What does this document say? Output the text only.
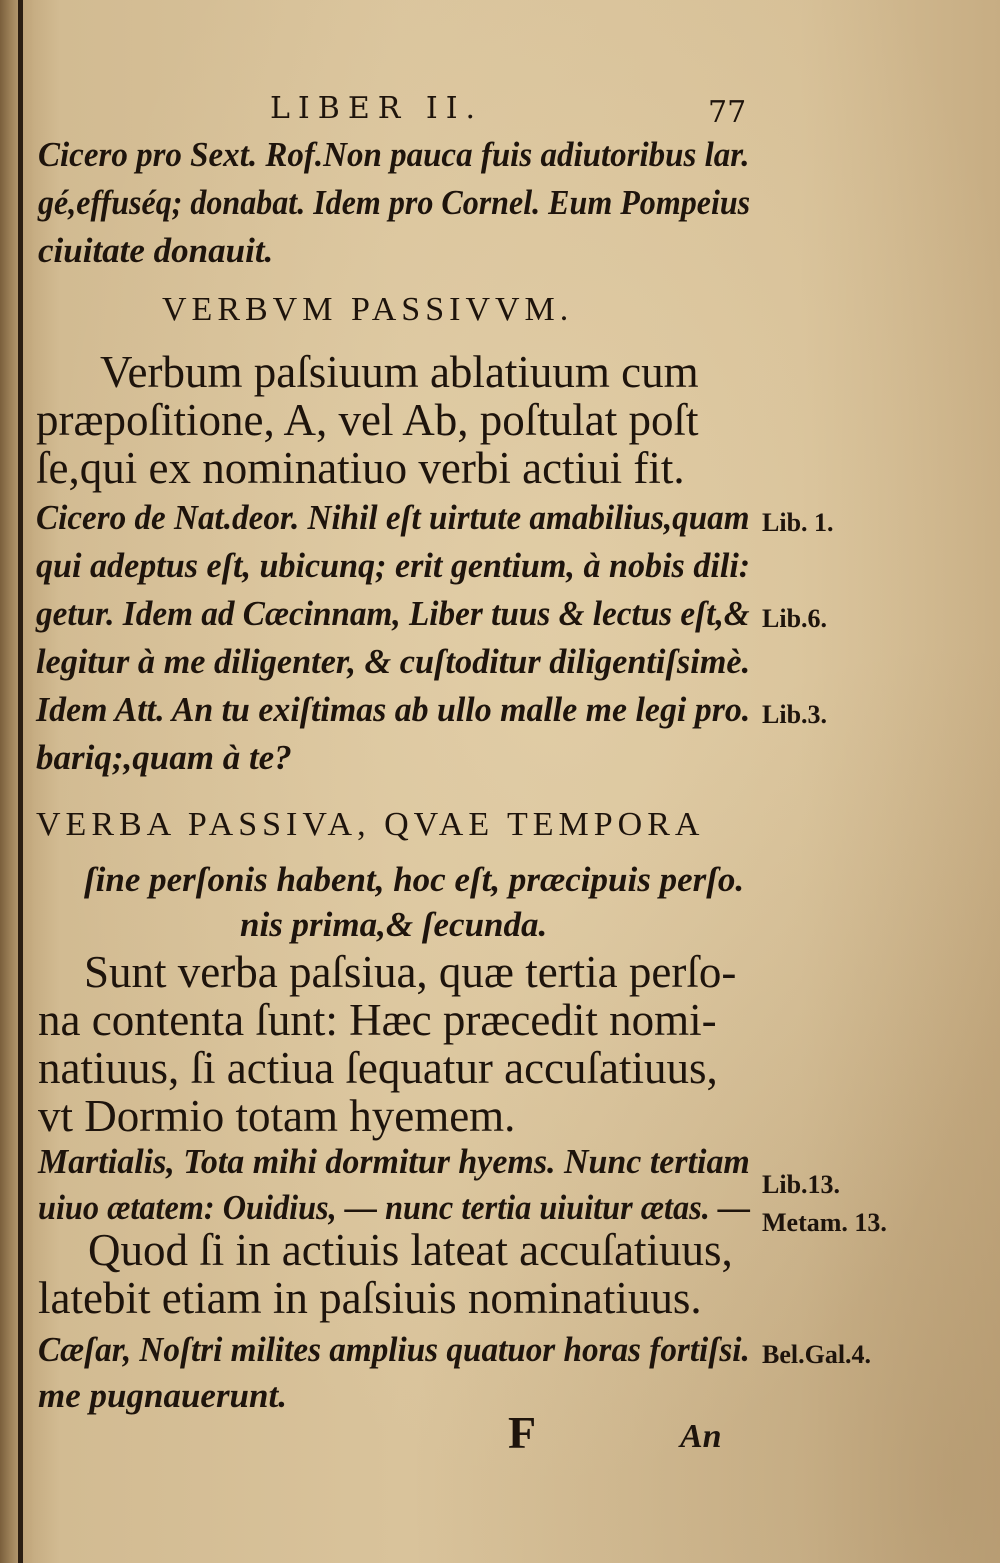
LIBER II.	77
Cicero pro Sext. Rof.Non pauca fuis adiutoribus lar.
gé,effuséq; donabat. Idem pro Cornel. Eum Pompeius
ciuitate donauit.
VERBVM PASSIVVM.
Verbum paſsiuum ablatiuum cum
præpoſitione, A, vel Ab, poſtulat poſt
ſe,qui ex nominatiuo verbi actiui fit.
Cicero de Nat.deor. Nihil eſt uirtute amabilius,quam
qui adeptus eſt, ubicunq; erit gentium, à nobis dili:
getur. Idem ad Cæcinnam, Liber tuus & lectus eſt,&
legitur à me diligenter, & cuſtoditur diligentiſsimè.
Idem Att. An tu exiſtimas ab ullo malle me legi pro.
bariq;,quam à te?
Lib. 1.
Lib.6.
Lib.3.
VERBA PASSIVA, QVAE TEMPORA
ſine perſonis habent, hoc eſt, præcipuis perſo.
nis prima,& ſecunda.
Sunt verba paſsiua, quæ tertia perſo-
na contenta ſunt: Hæc præcedit nomi-
natiuus, ſi actiua ſequatur accuſatiuus,
vt Dormio totam hyemem.
Martialis, Tota mihi dormitur hyems. Nunc tertiam
uiuo ætatem: Ouidius, — nunc tertia uiuitur ætas. —
Lib.13.
Metam. 13.
Quod ſi in actiuis lateat accuſatiuus,
latebit etiam in paſsiuis nominatiuus.
Cæſar, Noſtri milites amplius quatuor horas fortiſsi.
me pugnauerunt.
Bel.Gal.4.
F	An
